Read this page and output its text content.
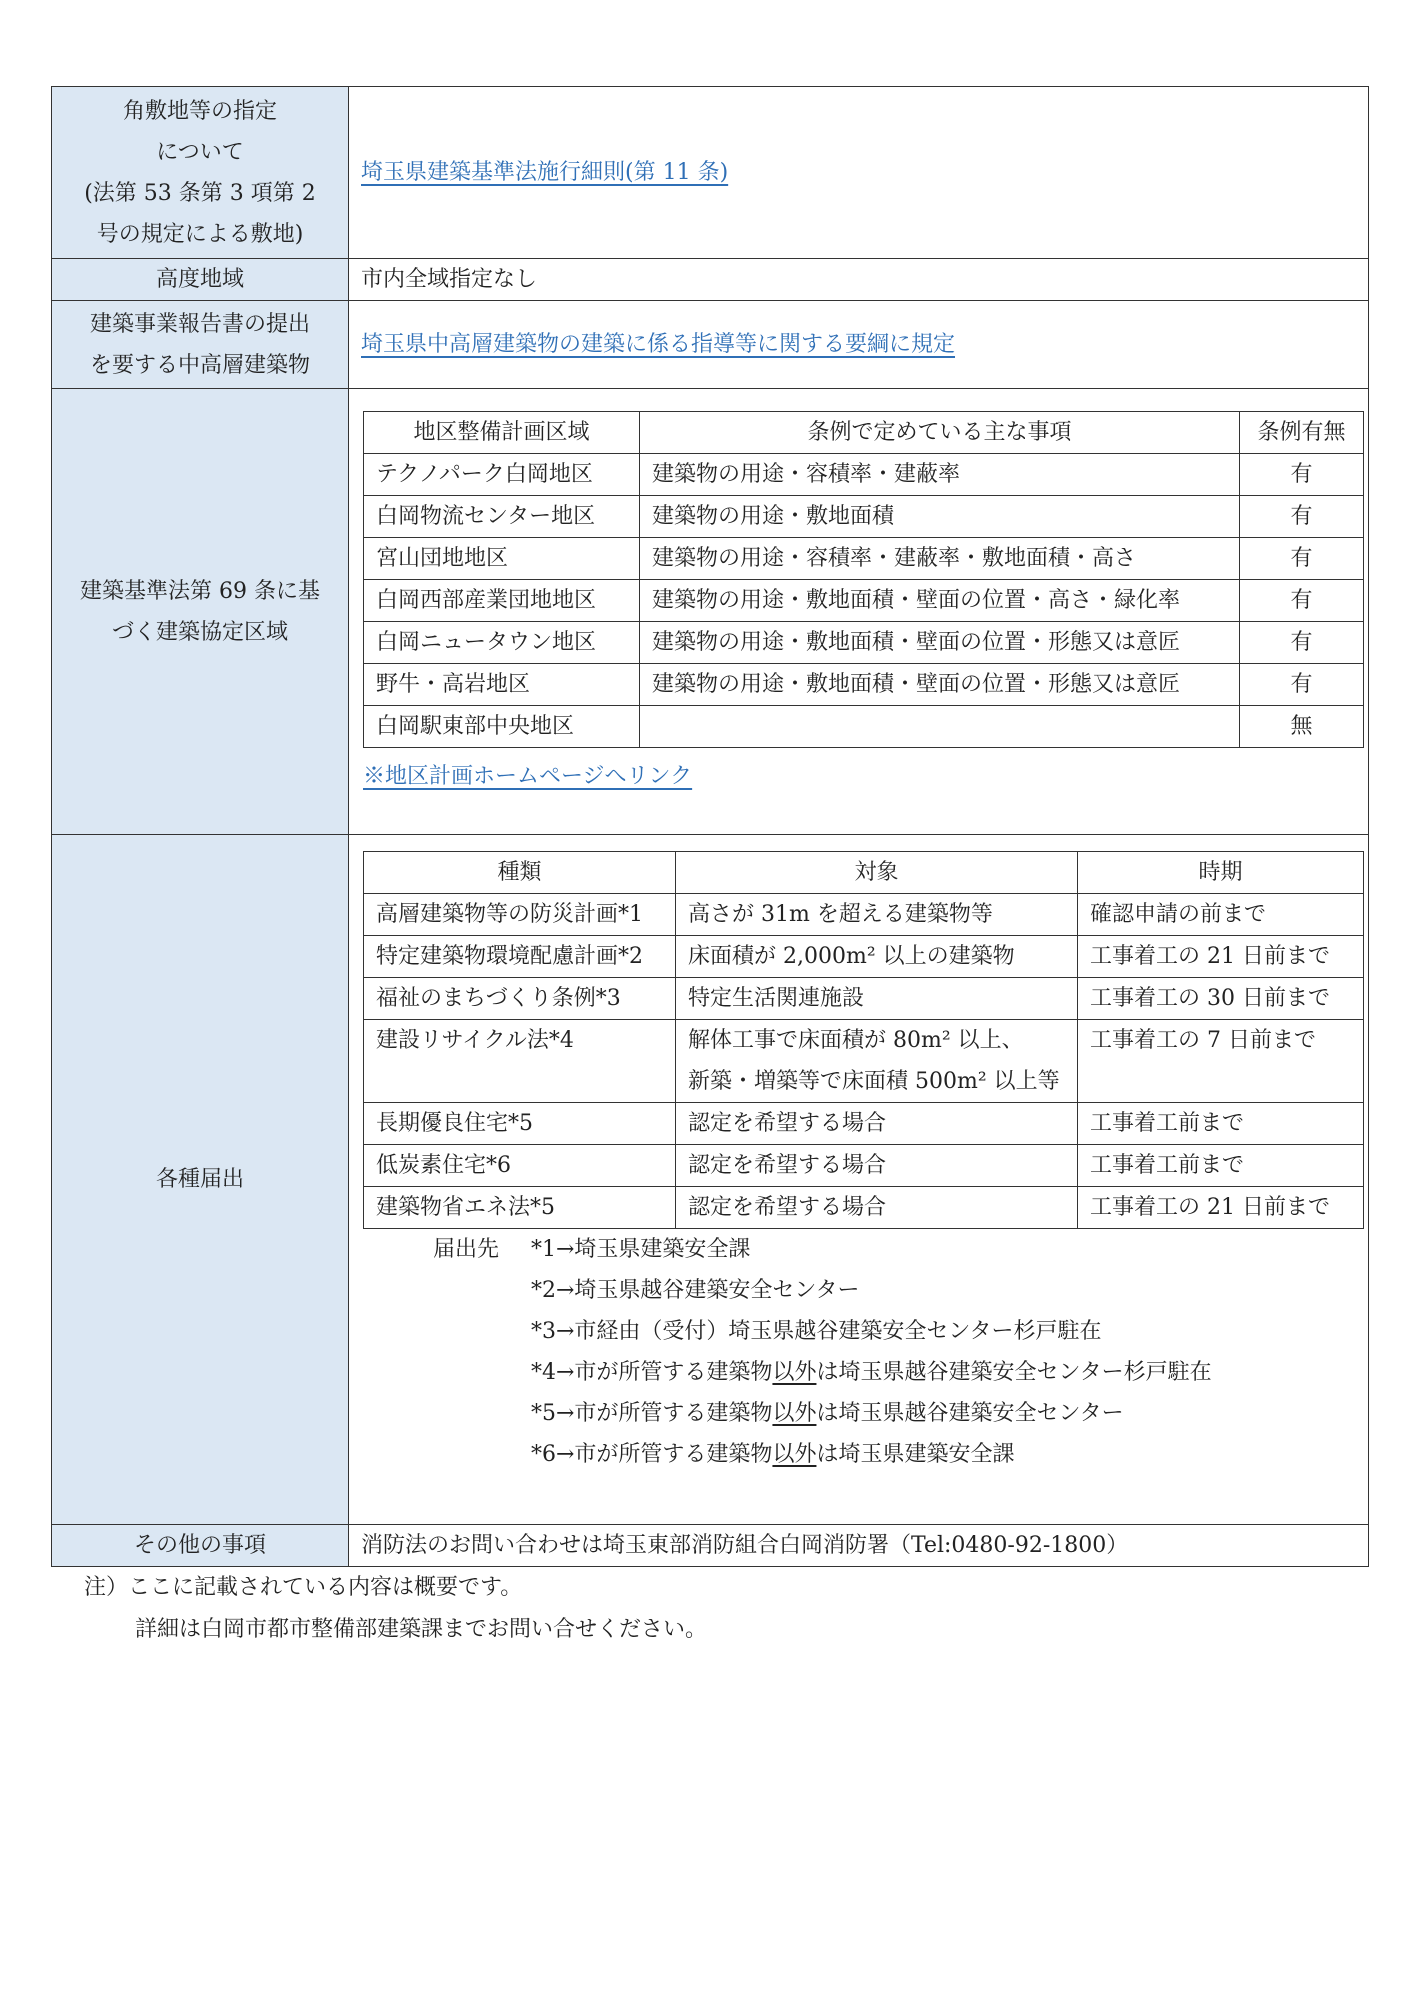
角敷地等の指定
について
(法第 53 条第 3 項第 2
号の規定による敷地)
	埼玉県建築基準法施行細則(第 11 条)
高度地域	市内全域指定なし

建築事業報告書の提出
を要する中高層建築物
	埼玉県中高層建築物の建築に係る指導等に関する要綱に規定

建築基準法第 69 条に基
づく建築協定区域

地区整備計画区域	条例で定めている主な事項	条例有無
テクノパーク白岡地区	建築物の用途・容積率・建蔽率	有
白岡物流センター地区	建築物の用途・敷地面積	有
宮山団地地区	建築物の用途・容積率・建蔽率・敷地面積・高さ	有
白岡西部産業団地地区	建築物の用途・敷地面積・壁面の位置・高さ・緑化率	有
白岡ニュータウン地区	建築物の用途・敷地面積・壁面の位置・形態又は意匠	有
野牛・高岩地区	建築物の用途・敷地面積・壁面の位置・形態又は意匠	有
白岡駅東部中央地区		無
※地区計画ホームページへリンク

各種届出	
種類	対象	時期
高層建築物等の防災計画*1	高さが 31m を超える建築物等	確認申請の前まで
特定建築物環境配慮計画*2	床面積が 2,000m² 以上の建築物	工事着工の 21 日前まで
福祉のまちづくり条例*3	特定生活関連施設	工事着工の 30 日前まで
建設リサイクル法*4	解体工事で床面積が 80m² 以上、
新築・増築等で床面積 500m² 以上等	工事着工の 7 日前まで
長期優良住宅*5	認定を希望する場合	工事着工前まで
低炭素住宅*6	認定を希望する場合	工事着工前まで
建築物省エネ法*5	認定を希望する場合	工事着工の 21 日前まで
届出先	*1→埼玉県建築安全課
*2→埼玉県越谷建築安全センター
*3→市経由（受付）埼玉県越谷建築安全センター杉戸駐在
*4→市が所管する建築物以外は埼玉県越谷建築安全センター杉戸駐在
*5→市が所管する建築物以外は埼玉県越谷建築安全センター
*6→市が所管する建築物以外は埼玉県建築安全課

その他の事項	消防法のお問い合わせは埼玉東部消防組合白岡消防署（Tel:0480-92-1800）
注）ここに記載されている内容は概要です。
詳細は白岡市都市整備部建築課までお問い合せください。
